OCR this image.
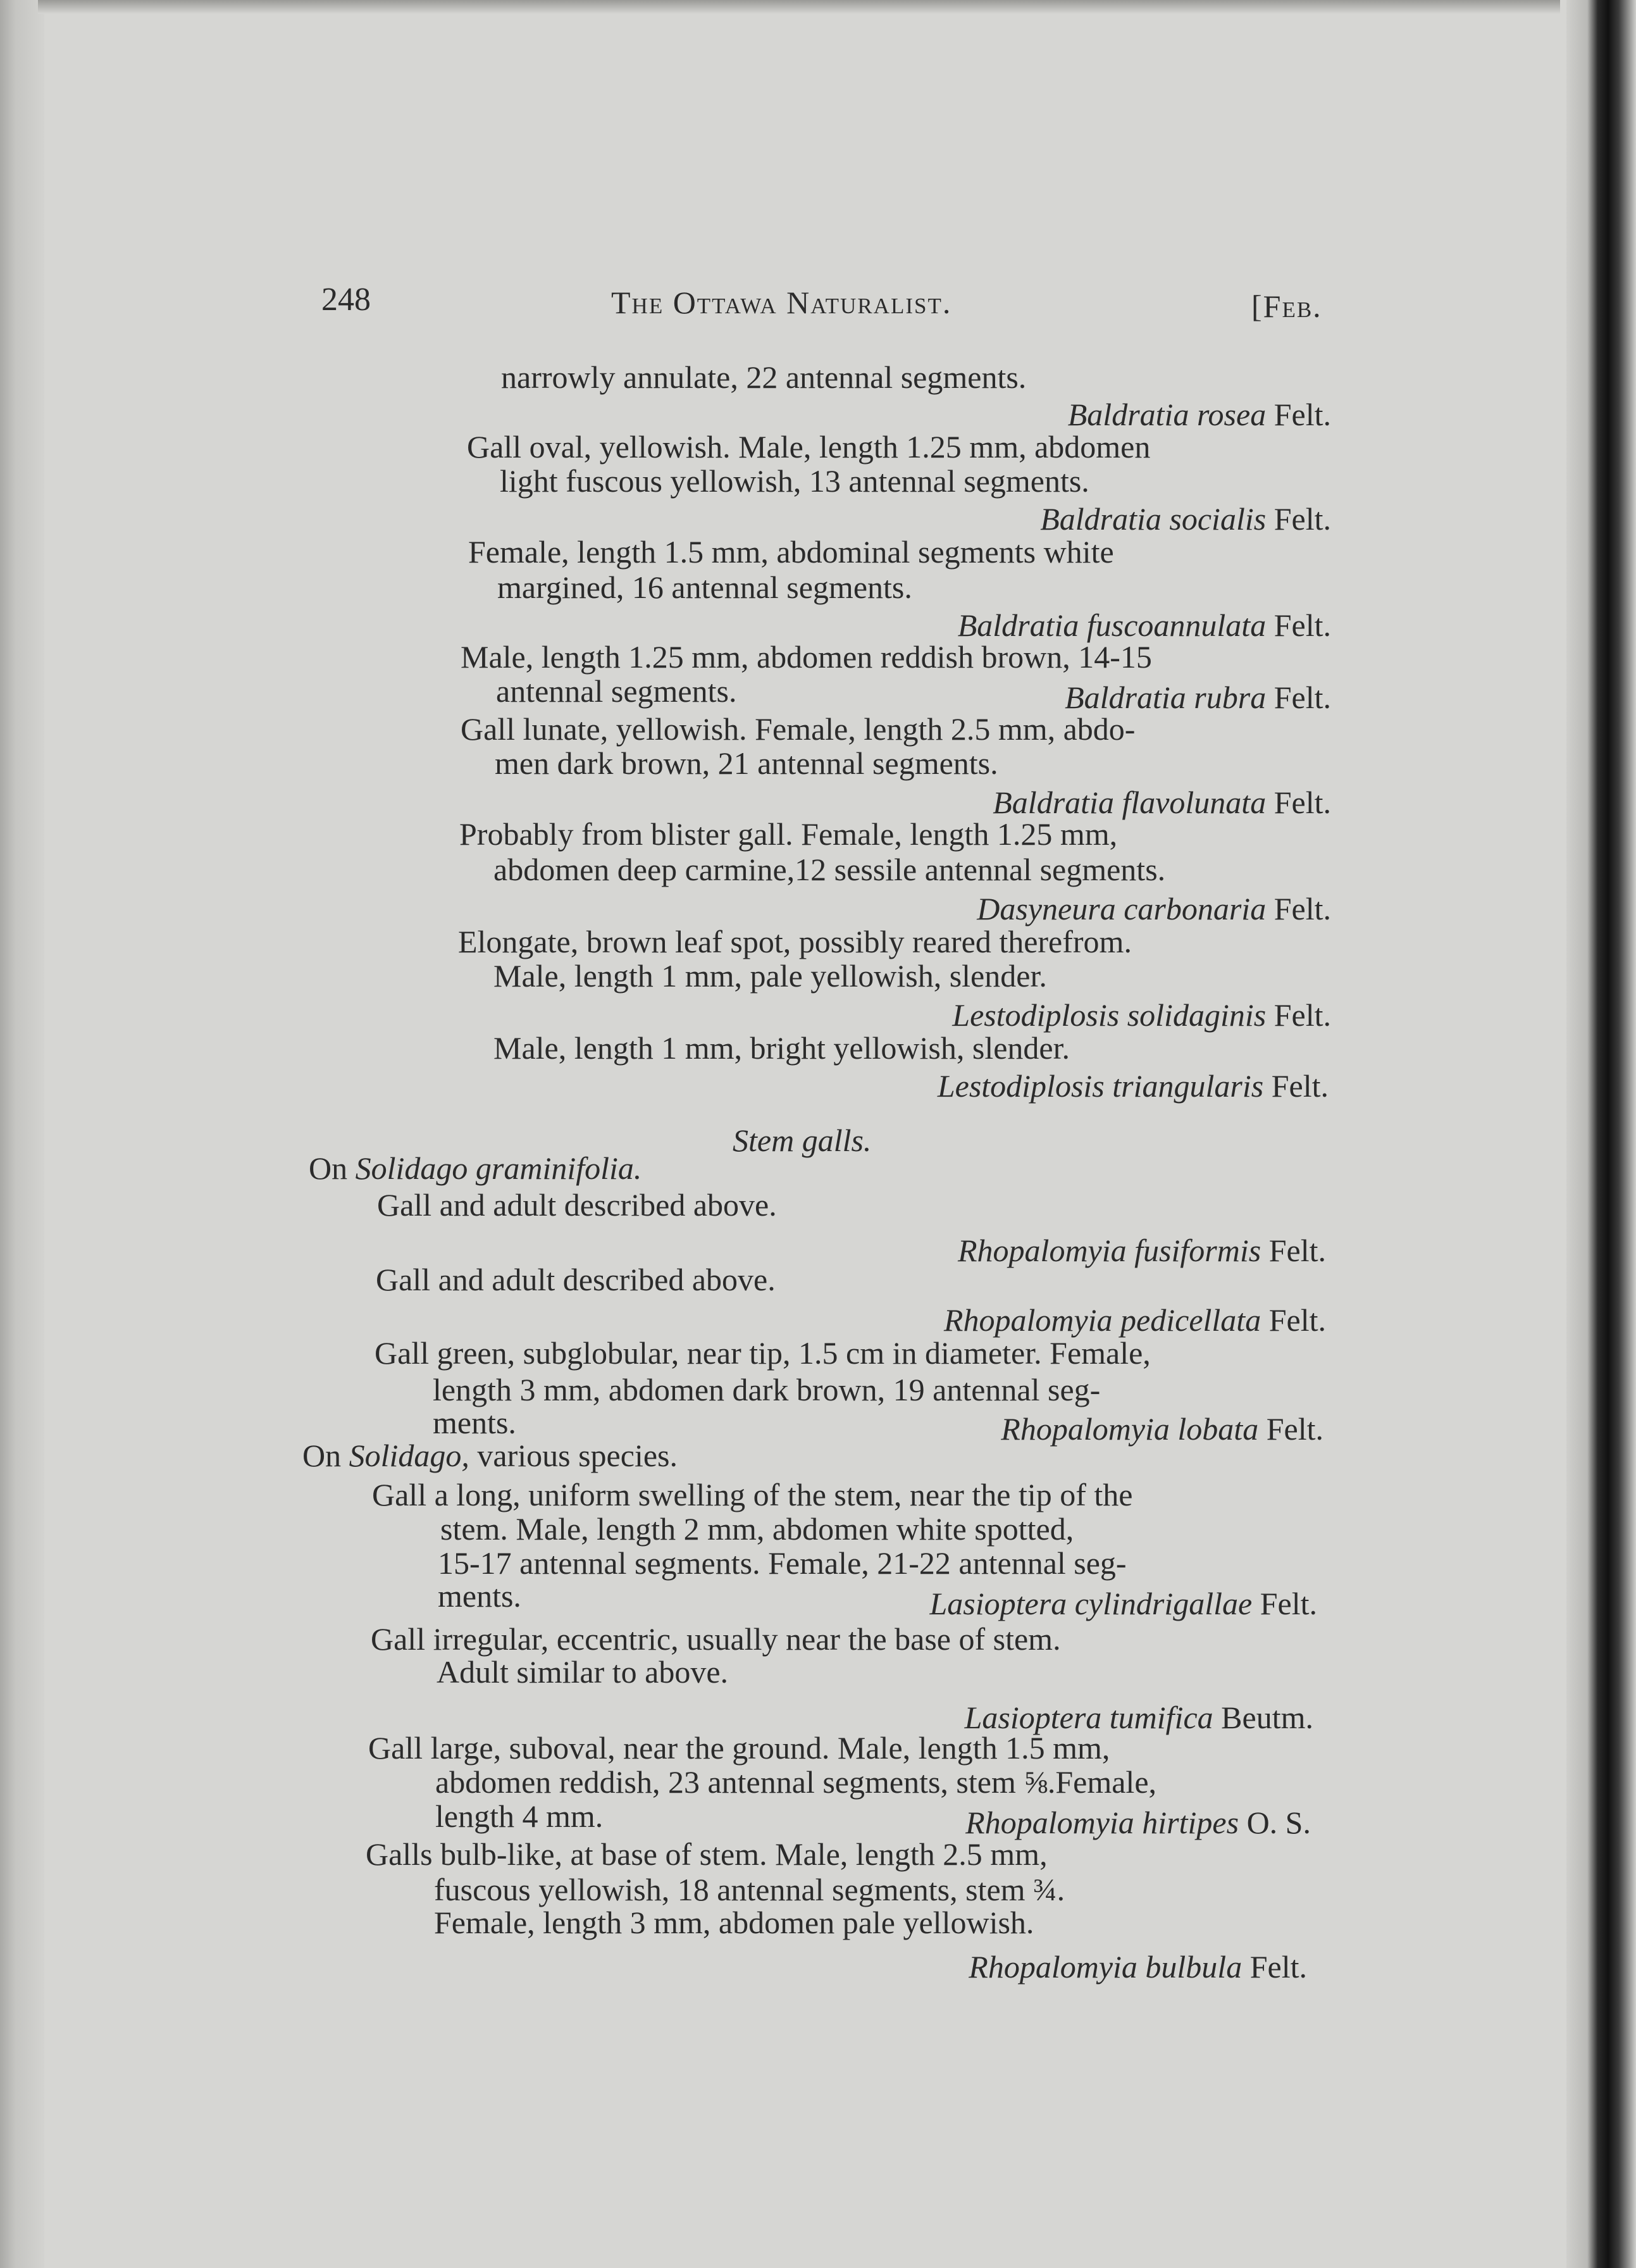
248	The Ottawa Naturalist.	[Feb.
narrowly annulate, 22 antennal segments.
Baldratia rosea Felt.
Gall oval, yellowish. Male, length 1.25 mm, abdomen
light fuscous yellowish, 13 antennal segments.
Baldratia socialis Felt.
Female, length 1.5 mm, abdominal segments white
margined, 16 antennal segments.
Baldratia fuscoannulata Felt.
Male, length 1.25 mm, abdomen reddish brown, 14-15
antennal segments.	Baldratia rubra Felt.
Gall lunate, yellowish. Female, length 2.5 mm, abdo-
men dark brown, 21 antennal segments.
Baldratia flavolunata Felt.
Probably from blister gall. Female, length 1.25 mm,
abdomen deep carmine,12 sessile antennal segments.
Dasyneura carbonaria Felt.
Elongate, brown leaf spot, possibly reared therefrom.
Male, length 1 mm, pale yellowish, slender.
Lestodiplosis solidaginis Felt.
Male, length 1 mm, bright yellowish, slender.
Lestodiplosis triangularis Felt.
Stem galls.
On Solidago graminifolia.
Gall and adult described above.
Rhopalomyia fusiformis Felt.
Gall and adult described above.
Rhopalomyia pedicellata Felt.
Gall green, subglobular, near tip, 1.5 cm in diameter. Female,
length 3 mm, abdomen dark brown, 19 antennal seg-
ments.	Rhopalomyia lobata Felt.
On Solidago, various species.
Gall a long, uniform swelling of the stem, near the tip of the
stem. Male, length 2 mm, abdomen white spotted,
15-17 antennal segments. Female, 21-22 antennal seg-
ments.	Lasioptera cylindrigallae Felt.
Gall irregular, eccentric, usually near the base of stem.
Adult similar to above.
Lasioptera tumifica Beutm.
Gall large, suboval, near the ground. Male, length 1.5 mm,
abdomen reddish, 23 antennal segments, stem ⅝.Female,
length 4 mm.	Rhopalomyia hirtipes O. S.
Galls bulb-like, at base of stem. Male, length 2.5 mm,
fuscous yellowish, 18 antennal segments, stem ¾.
Female, length 3 mm, abdomen pale yellowish.
Rhopalomyia bulbula Felt.
